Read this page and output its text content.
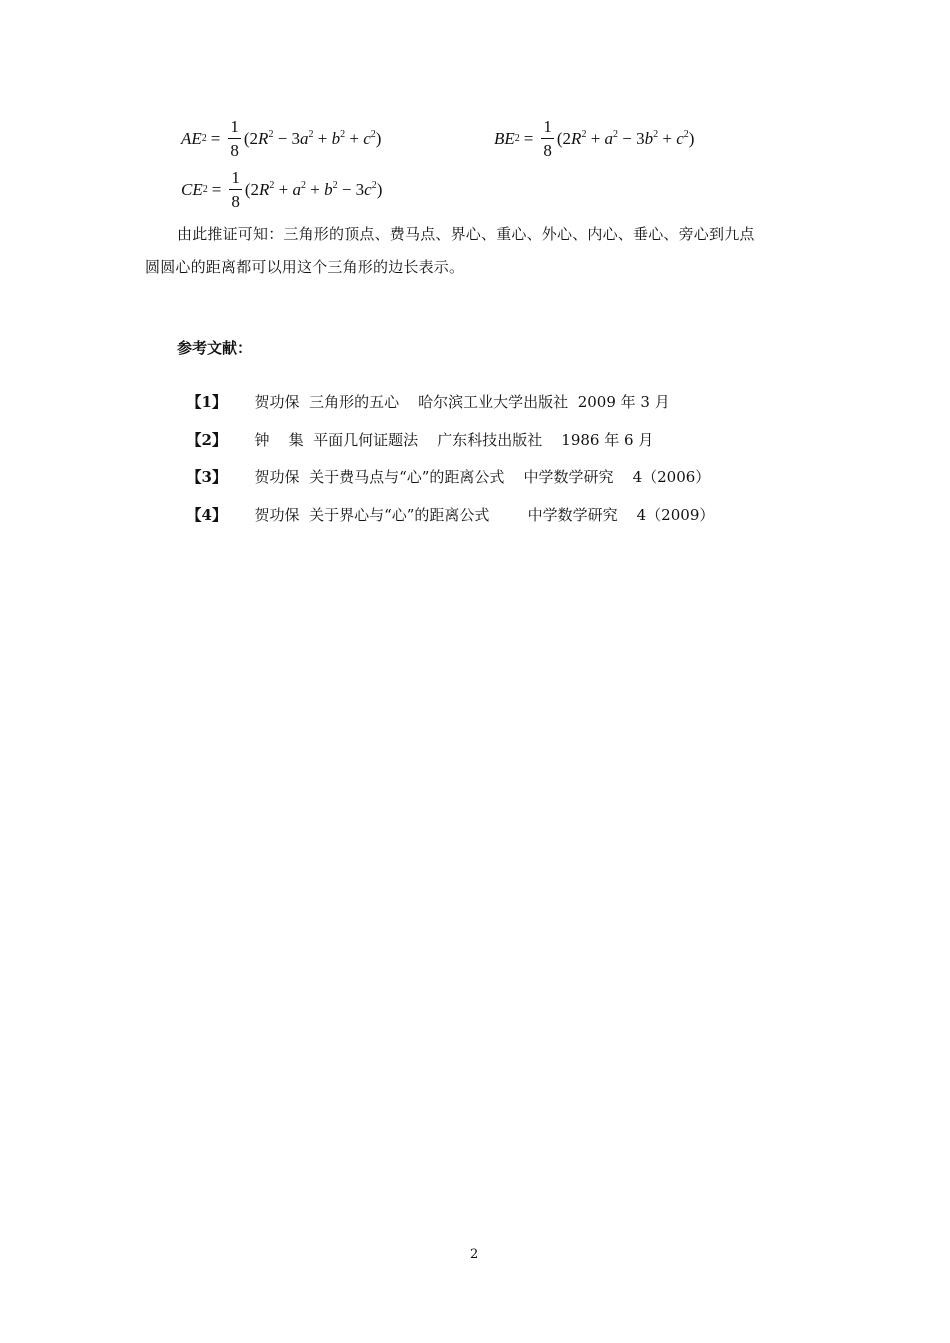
AE $2 = \frac{1}{8} (2R^2 - 3a^2 + b^2 + c^2)$	BE $2 = \frac{1}{8} (2R^2 + a^2 - 3b^2 + c^2)$
CE $2 = \frac{1}{8} (2R^2 + a^2 + b^2 - 3c^2)$
由此推证可知：三角形的顶点、费马点、界心、重心、外心、内心、垂心、旁心到九点
圆圆心的距离都可以用这个三角形的边长表示。
参考文献：

【1】 贺功保  三角形的五心    哈尔滨工业大学出版社  2009 年 3 月

【2】 钟    集  平面几何证题法    广东科技出版社    1986 年 6 月

【3】 贺功保  关于费马点与“心”的距离公式    中学数学研究    4（2006）

【4】 贺功保  关于界心与“心”的距离公式        中学数学研究    4（2009）

2
